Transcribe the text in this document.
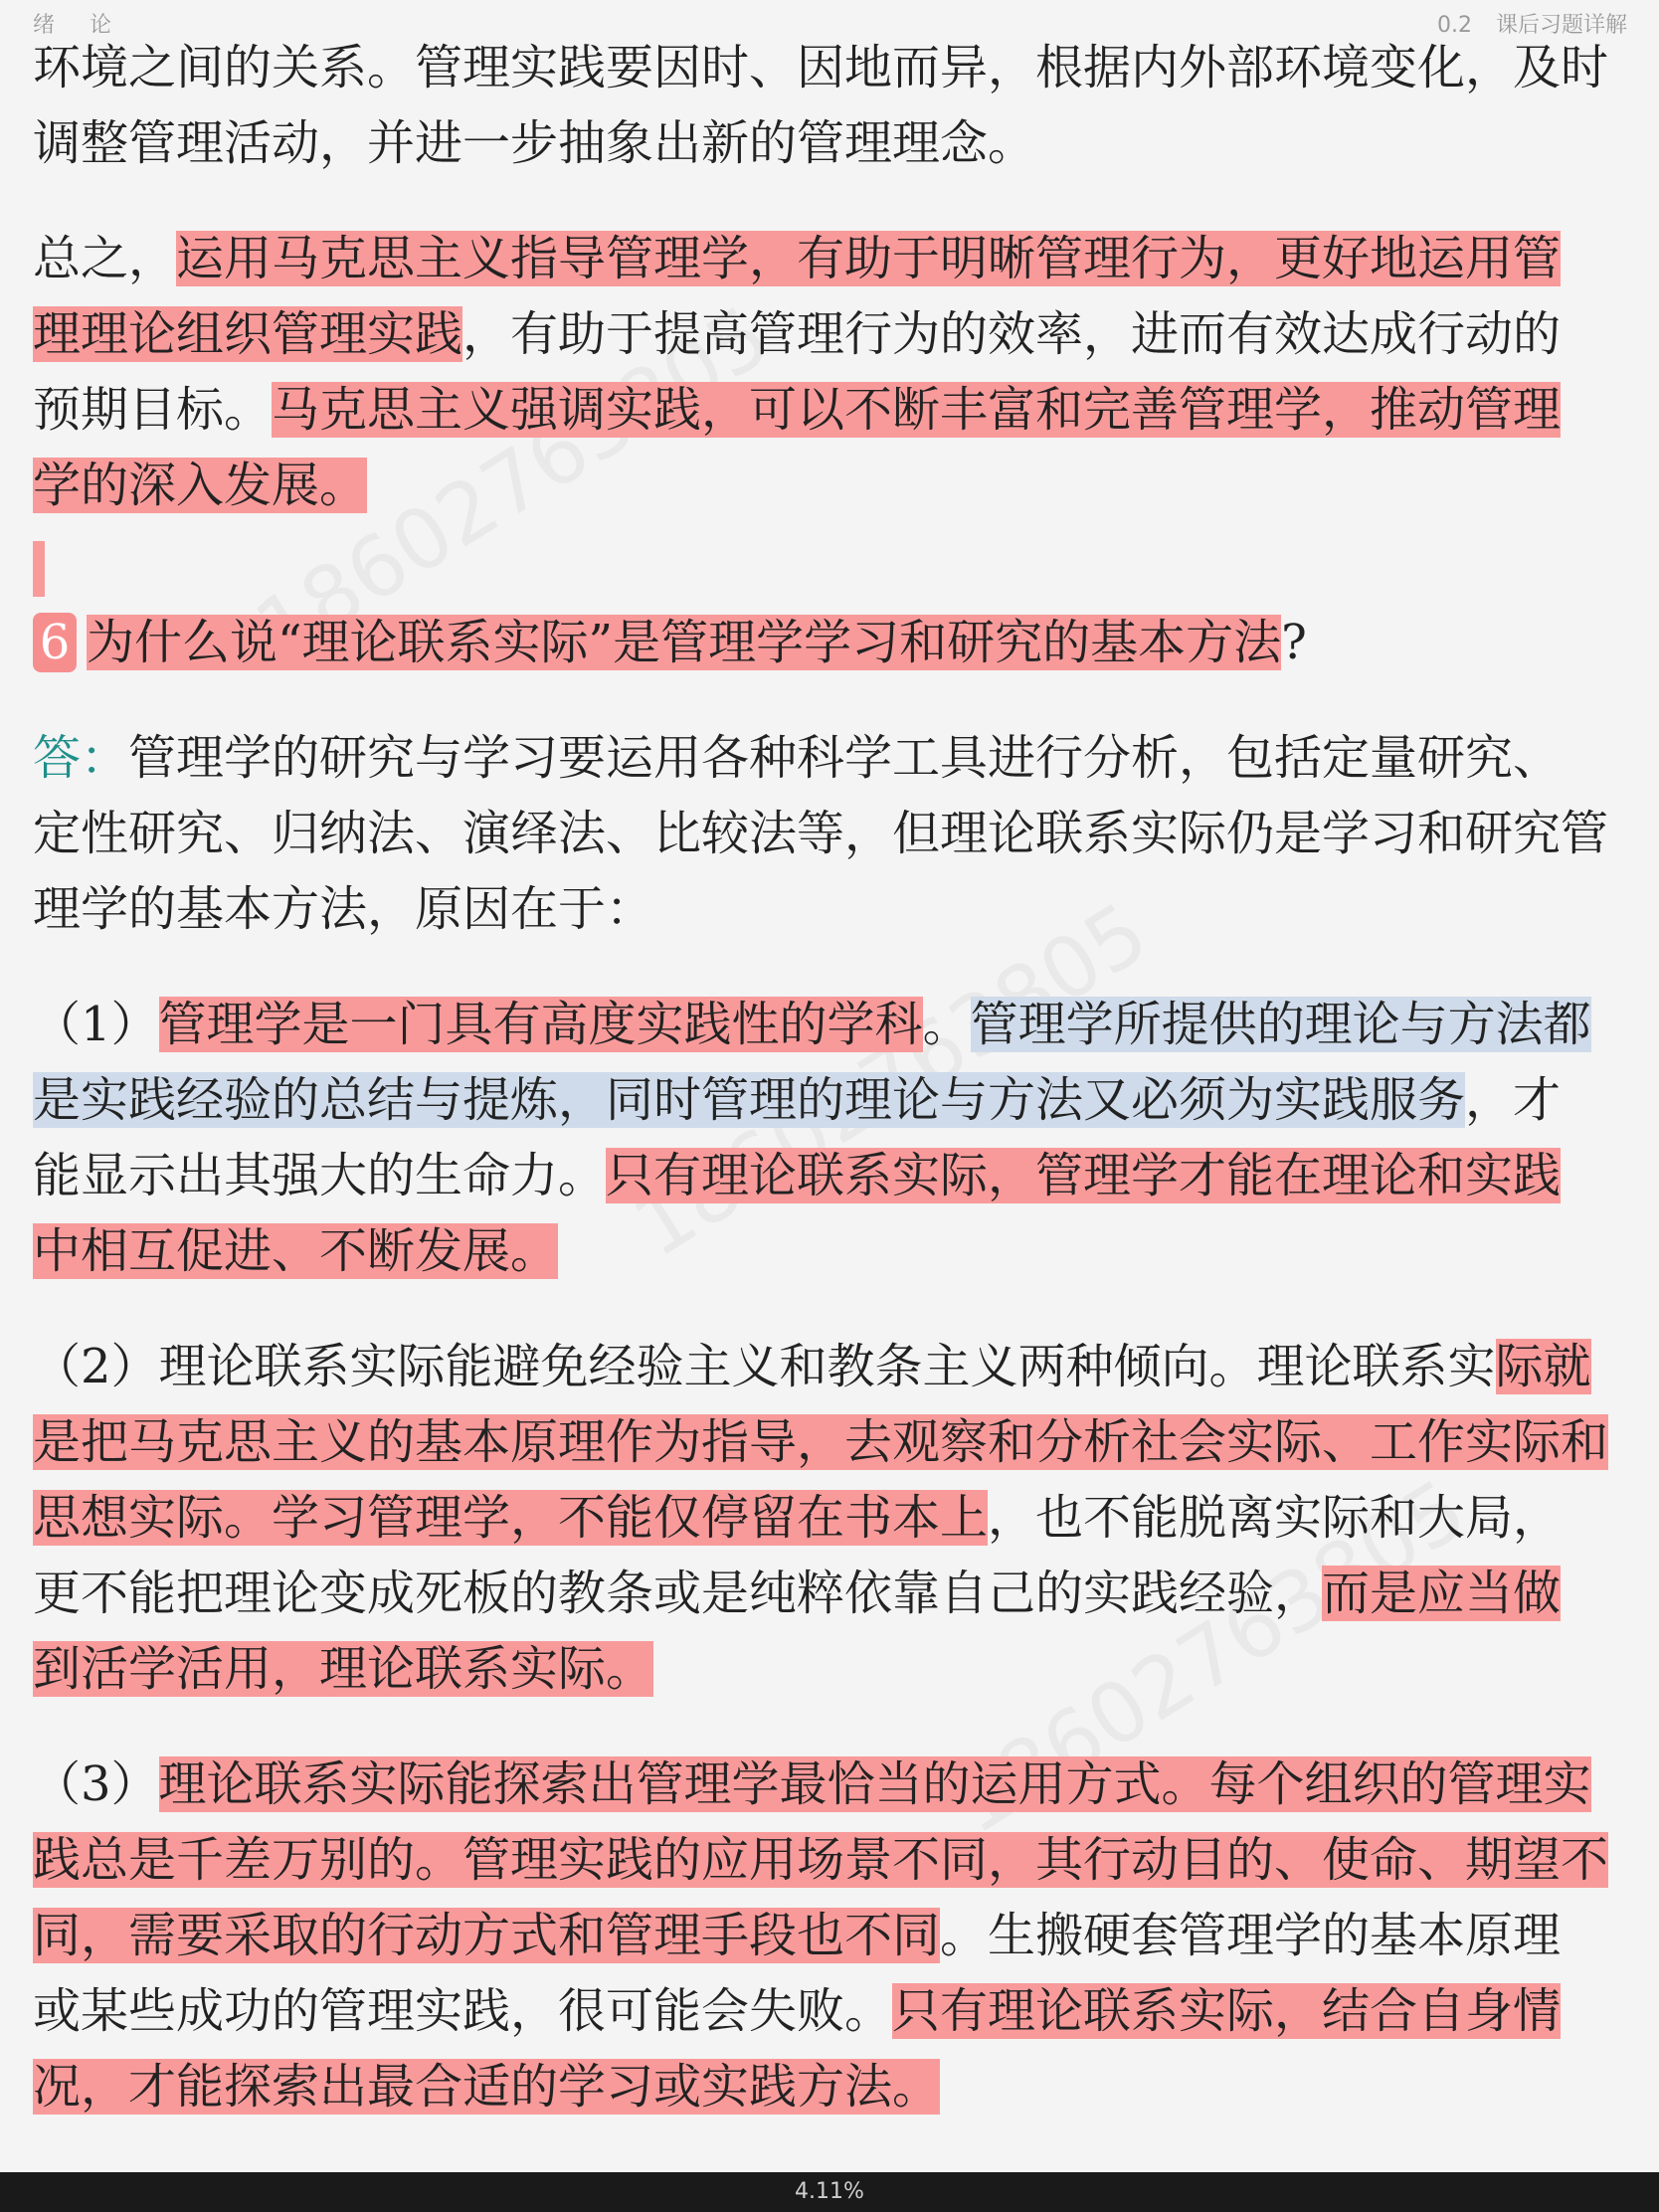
绪 论	0.2 课后习题详解

环境之间的关系。管理实践要因时、因地而异，根据内外部环境变化，及时调整管理活动，并进一步抽象出新的管理理念。

总之，运用马克思主义指导管理学，有助于明晰管理行为，更好地运用管理理论组织管理实践，有助于提高管理行为的效率，进而有效达成行动的预期目标。马克思主义强调实践，可以不断丰富和完善管理学，推动管理学的深入发展。

6 为什么说“理论联系实际”是管理学学习和研究的基本方法?

答：管理学的研究与学习要运用各种科学工具进行分析，包括定量研究、定性研究、归纳法、演绎法、比较法等，但理论联系实际仍是学习和研究管理学的基本方法，原因在于：

（1）管理学是一门具有高度实践性的学科。管理学所提供的理论与方法都是实践经验的总结与提炼，同时管理的理论与方法又必须为实践服务，才能显示出其强大的生命力。只有理论联系实际，管理学才能在理论和实践中相互促进、不断发展。

（2）理论联系实际能避免经验主义和教条主义两种倾向。理论联系实际就是把马克思主义的基本原理作为指导，去观察和分析社会实际、工作实际和思想实际。学习管理学，不能仅停留在书本上，也不能脱离实际和大局，更不能把理论变成死板的教条或是纯粹依靠自己的实践经验，而是应当做到活学活用，理论联系实际。

（3）理论联系实际能探索出管理学最恰当的运用方式。每个组织的管理实践总是千差万别的。管理实践的应用场景不同，其行动目的、使命、期望不同，需要采取的行动方式和管理手段也不同。生搬硬套管理学的基本原理或某些成功的管理实践，很可能会失败。只有理论联系实际，结合自身情况，才能探索出最合适的学习或实践方法。

4.11%
